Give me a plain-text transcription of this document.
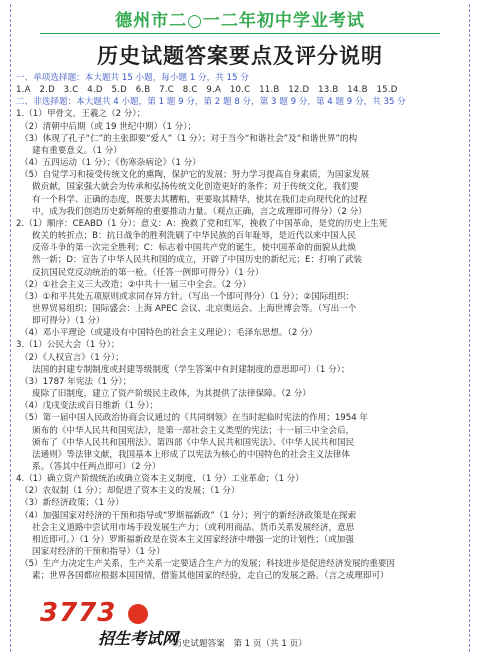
德州市二○一二年初中学业考试
历史试题答案要点及评分说明
一、单项选择题：本大题共 15 小题，每小题 1 分，共 15 分
1.A　2.D　3.C　4.D　5.D　6.B　7.C　8.C　9.A　10.C　11.B　12.D　13.B　14.B　15.D
二、非选择题：本大题共 4 小题，第 1 题 9 分，第 2 题 8 分，第 3 题 9 分，第 4 题 9 分，共 35 分
1.（1）甲骨文，王羲之（2 分）；
（2）清朝中后期（或 19 世纪中期）（1 分）；
（3）体现了孔子“仁”的主张即要“爱人”（1 分）；对于当今“和谐社会”及“和谐世界”的构
建有重要意义。（1 分）
（4）五四运动（1 分）；《伤寒杂病论》（1 分）
（5）自觉学习和接受传统文化的熏陶，保护它的发展；努力学习提高自身素质，为国家发展
做贡献，国家强大就会为传承和弘扬传统文化创造更好的条件；对于传统文化，我们要
有一个科学、正确的态度，既要去其糟粕，更要取其精华，使其在我们走向现代化的过程
中，成为我们创造历史新辉煌的重要推动力量。（观点正确，言之成理即可得分）（2 分）
2.（1）顺序：CEABD（1 分）；意义：A：挽救了党和红军，挽救了中国革命，是党的历史上生死
攸关的转折点；B：抗日战争的胜利洗刷了中华民族的百年耻辱，是近代以来中国人民
反帝斗争的第一次完全胜利；C：标志着中国共产党的诞生，使中国革命的面貌从此焕
然一新；D：宣告了中华人民共和国的成立，开辟了中国历史的新纪元；E：打响了武装
反抗国民党反动统治的第一枪。（任答一例即可得分）（1 分）
（2）①社会主义三大改造；②中共十一届三中全会。（2 分）
（3）①和平共处五项原则或求同存异方针。（写出一个即可得分）（1 分）；②国际组织：
世界贸易组织；国际盛会：上海 APEC 会议、北京奥运会、上海世博会等。（写出一个
即可得分）（1 分）
（4）邓小平理论（或建设有中国特色的社会主义理论）；毛泽东思想。（2 分）
3.（1）公民大会（1 分）；
（2）《人权宣言》（1 分）；
法国的封建专制制度或封建等级制度（学生答案中有封建制度的意思即可）（1 分）；
（3）1787 年宪法（1 分）；
废除了旧制度，建立了资产阶级民主政体，为其提供了法律保障。（2 分）
（4）戊戌变法或百日维新（1 分）；
（5）第一届中国人民政治协商会议通过的《共同纲领》在当时起临时宪法的作用；1954 年
颁布的《中华人民共和国宪法》，是第一部社会主义类型的宪法；十一届三中全会后，
颁布了《中华人民共和国刑法》、第四部《中华人民共和国宪法》、《中华人民共和国民
法通则》等法律文献，我国基本上形成了以宪法为核心的中国特色的社会主义法律体
系。（答其中任两点即可）（2 分）
4.（1）确立资产阶级统治或确立资本主义制度，（1 分）工业革命；（1 分）
（2）农奴制（1 分）；却促进了资本主义的发展；（1 分）
（3）新经济政策；（1 分）
（4）加强国家对经济的干预和指导或“罗斯福新政”（1 分）；列宁的新经济政策是在探索
社会主义道路中尝试用市场手段发展生产力；（或利用商品、货币关系发展经济，意思
相近即可。）（1 分）罗斯福新政是在资本主义国家经济中增强一定的计划性；（或加强
国家对经济的干预和指导）（1 分）
（5）生产力决定生产关系，生产关系一定要适合生产力的发展；科技进步是促进经济发展的重要因
素；世界各国都应根据本国国情，借鉴其他国家的经验，走自己的发展之路。（言之成理即可）
历史试题答案　第 1 页（共 1 页）
3773
招生考试网
